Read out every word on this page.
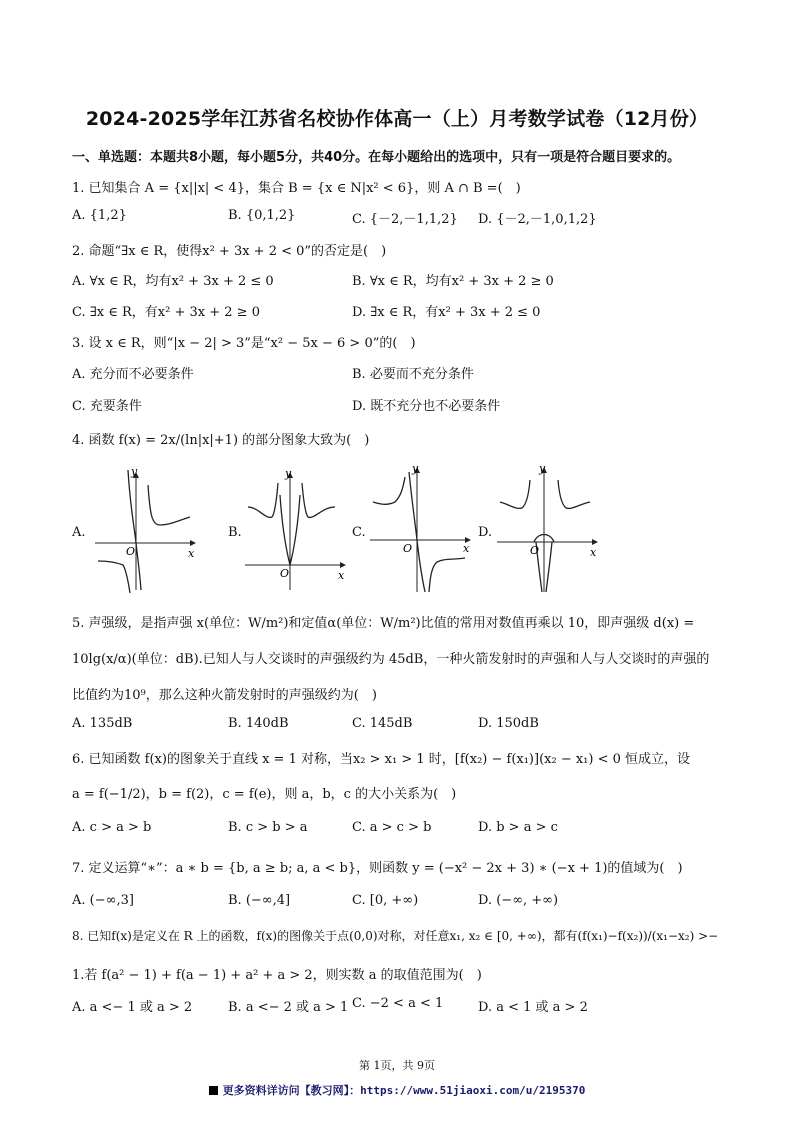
2024-2025学年江苏省名校协作体高一（上）月考数学试卷（12月份）
一、单选题：本题共8小题，每小题5分，共40分。在每小题给出的选项中，只有一项是符合题目要求的。
1. 已知集合 A = {x||x| < 4}，集合 B = {x ∈ N|x² < 6}，则 A ∩ B =(　)
A. {1,2}	B. {0,1,2}	C. {－2,－1,1,2} D. {－2,－1,0,1,2}
2. 命题“∃x ∈ R，使得x² + 3x + 2 < 0”的否定是(　)
A. ∀x ∈ R，均有x² + 3x + 2 ≤ 0	B. ∀x ∈ R，均有x² + 3x + 2 ≥ 0
C. ∃x ∈ R，有x² + 3x + 2 ≥ 0	D. ∃x ∈ R，有x² + 3x + 2 ≤ 0
3. 设 x ∈ R，则“|x − 2| > 3”是“x² − 5x − 6 > 0”的(　)
A. 充分而不必要条件	B. 必要而不充分条件
C. 充要条件	D. 既不充分也不必要条件
4. 函数 f(x) = 2x/(ln|x|+1) 的部分图象大致为(　)
A.
y
x
O
B.
y
x
O
C.
y
x
O
D.
y
x
O
5. 声强级，是指声强 x(单位：W/m²)和定值α(单位：W/m²)比值的常用对数值再乘以 10，即声强级 d(x) =
10lg(x/α)(单位：dB).已知人与人交谈时的声强级约为 45dB，一种火箭发射时的声强和人与人交谈时的声强的
比值约为10⁹，那么这种火箭发射时的声强级约为(　)
A. 135dB	B. 140dB	C. 145dB	D. 150dB
6. 已知函数 f(x)的图象关于直线 x = 1 对称，当x₂ > x₁ > 1 时，[f(x₂) − f(x₁)](x₂ − x₁) < 0 恒成立，设
a = f(−1/2)，b = f(2)，c = f(e)，则 a，b，c 的大小关系为(　)
A. c > a > b	B. c > b > a	C. a > c > b	D. b > a > c
7. 定义运算“∗”：a ∗ b = {b, a ≥ b; a, a < b}，则函数 y = (−x² − 2x + 3) ∗ (−x + 1)的值域为(　)
A. (−∞,3]	B. (−∞,4]	C. [0, +∞)	D. (−∞, +∞)
8. 已知f(x)是定义在 R 上的函数，f(x)的图像关于点(0,0)对称，对任意x₁, x₂ ∈ [0, +∞)，都有(f(x₁)−f(x₂))/(x₁−x₂) >−
1.若 f(a² − 1) + f(a − 1) + a² + a > 2，则实数 a 的取值范围为(　)
A. a <− 1 或 a > 2	B. a <− 2 或 a > 1 C. −2 < a < 1	D. a < 1 或 a > 2
第 1页，共 9页
更多资料详访问【教习网】：https://www.51jiaoxi.com/u/2195370
